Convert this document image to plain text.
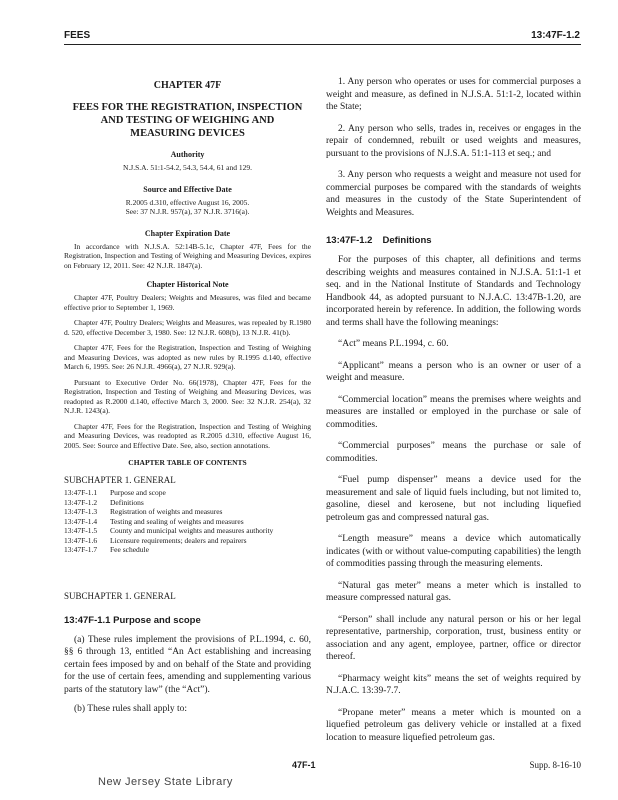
FEES	13:47F-1.2
CHAPTER 47F
FEES FOR THE REGISTRATION, INSPECTION AND TESTING OF WEIGHING AND MEASURING DEVICES
Authority
N.J.S.A. 51:1-54.2, 54.3, 54.4, 61 and 129.
Source and Effective Date
R.2005 d.310, effective August 16, 2005.
See: 37 N.J.R. 957(a), 37 N.J.R. 3716(a).
Chapter Expiration Date
In accordance with N.J.S.A. 52:14B-5.1c, Chapter 47F, Fees for the Registration, Inspection and Testing of Weighing and Measuring Devices, expires on February 12, 2011. See: 42 N.J.R. 1847(a).
Chapter Historical Note
Chapter 47F, Poultry Dealers; Weights and Measures, was filed and became effective prior to September 1, 1969.
Chapter 47F, Poultry Dealers; Weights and Measures, was repealed by R.1980 d. 520, effective December 3, 1980. See: 12 N.J.R. 608(b), 13 N.J.R. 41(b).
Chapter 47F, Fees for the Registration, Inspection and Testing of Weighing and Measuring Devices, was adopted as new rules by R.1995 d.140, effective March 6, 1995. See: 26 N.J.R. 4966(a), 27 N.J.R. 929(a).
Pursuant to Executive Order No. 66(1978), Chapter 47F, Fees for the Registration, Inspection and Testing of Weighing and Measuring Devices, was readopted as R.2000 d.140, effective March 3, 2000. See: 32 N.J.R. 254(a), 32 N.J.R. 1243(a).
Chapter 47F, Fees for the Registration, Inspection and Testing of Weighing and Measuring Devices, was readopted as R.2005 d.310, effective August 16, 2005. See: Source and Effective Date. See, also, section annotations.
CHAPTER TABLE OF CONTENTS
SUBCHAPTER 1. GENERAL
13:47F-1.1	Purpose and scope
13:47F-1.2	Definitions
13:47F-1.3	Registration of weights and measures
13:47F-1.4	Testing and sealing of weights and measures
13:47F-1.5	County and municipal weights and measures authority
13:47F-1.6	Licensure requirements; dealers and repairers
13:47F-1.7	Fee schedule
SUBCHAPTER 1. GENERAL
13:47F-1.1 Purpose and scope
(a) These rules implement the provisions of P.L.1994, c. 60, §§ 6 through 13, entitled “An Act establishing and increasing certain fees imposed by and on behalf of the State and providing for the use of certain fees, amending and supplementing various parts of the statutory law” (the “Act”).
(b) These rules shall apply to:
1. Any person who operates or uses for commercial purposes a weight and measure, as defined in N.J.S.A. 51:1-2, located within the State;
2. Any person who sells, trades in, receives or engages in the repair of condemned, rebuilt or used weights and measures, pursuant to the provisions of N.J.S.A. 51:1-113 et seq.; and
3. Any person who requests a weight and measure not used for commercial purposes be compared with the standards of weights and measures in the custody of the State Superintendent of Weights and Measures.
13:47F-1.2 Definitions
For the purposes of this chapter, all definitions and terms describing weights and measures contained in N.J.S.A. 51:1-1 et seq. and in the National Institute of Standards and Technology Handbook 44, as adopted pursuant to N.J.A.C. 13:47B-1.20, are incorporated herein by reference. In addition, the following words and terms shall have the following meanings:
“Act” means P.L.1994, c. 60.
“Applicant” means a person who is an owner or user of a weight and measure.
“Commercial location” means the premises where weights and measures are installed or employed in the purchase or sale of commodities.
“Commercial purposes” means the purchase or sale of commodities.
“Fuel pump dispenser” means a device used for the measurement and sale of liquid fuels including, but not limited to, gasoline, diesel and kerosene, but not including liquefied petroleum gas and compressed natural gas.
“Length measure” means a device which automatically indicates (with or without value-computing capabilities) the length of commodities passing through the measuring elements.
“Natural gas meter” means a meter which is installed to measure compressed natural gas.
“Person” shall include any natural person or his or her legal representative, partnership, corporation, trust, business entity or association and any agent, employee, partner, office or director thereof.
“Pharmacy weight kits” means the set of weights required by N.J.A.C. 13:39-7.7.
“Propane meter” means a meter which is mounted on a liquefied petroleum gas delivery vehicle or installed at a fixed location to measure liquefied petroleum gas.
47F-1	Supp. 8-16-10
New Jersey State Library
